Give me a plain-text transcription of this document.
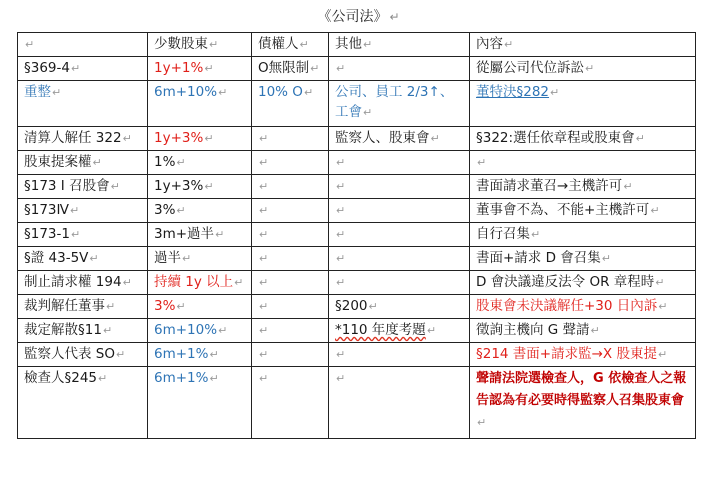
《公司法》 ↵
↵	少數股東↵	債權人↵	其他↵	內容↵
§369-4↵	1y+1%↵	O無限制↵	↵	從屬公司代位訴訟↵
重整↵	6m+10%↵	10% O↵	公司、員工 2/3↑、工會↵	董特決§282↵
清算人解任 322↵	1y+3%↵	↵	監察人、股東會↵	§322:選任依章程或股東會↵
股東提案權↵	1%↵	↵	↵	↵
§173 I 召股會↵	1y+3%↵	↵	↵	書面請求董召→主機許可↵
§173Ⅳ↵	3%↵	↵	↵	董事會不為、不能+主機許可↵
§173-1↵	3m+過半↵	↵	↵	自行召集↵
§證 43-5Ⅴ↵	過半↵	↵	↵	書面+請求 D 會召集↵
制止請求權 194↵	持續 1y 以上↵	↵	↵	D 會決議違反法令 OR 章程時↵
裁判解任董事↵	3%↵	↵	§200↵	股東會未決議解任+30 日內訴↵
裁定解散§11↵	6m+10%↵	↵	*110 年度考題↵	徵詢主機向 G 聲請↵
監察人代表 SO↵	6m+1%↵	↵	↵	§214 書面+請求監→X 股東提↵
檢查人§245↵	6m+1%↵	↵	↵	聲請法院選檢查人，G 依檢查人之報告認為有必要時得監察人召集股東會↵
